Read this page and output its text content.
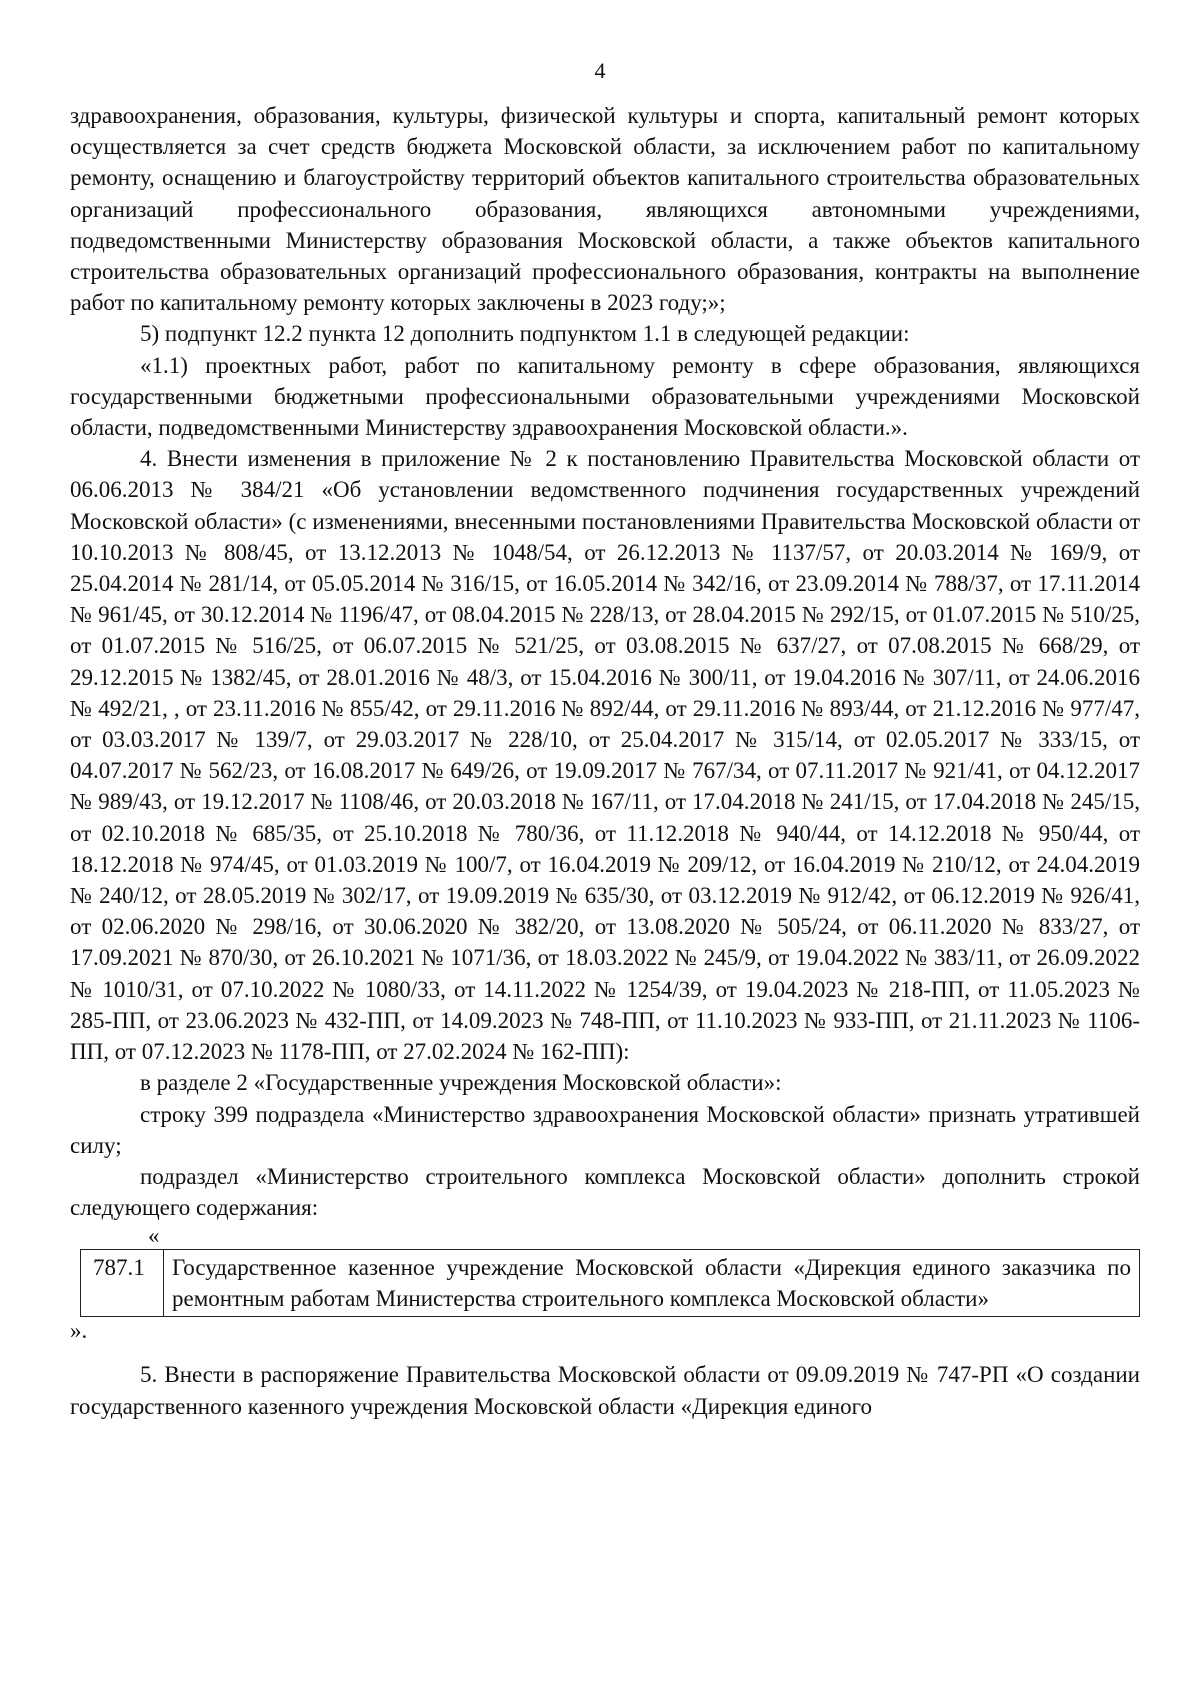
4

здравоохранения, образования, культуры, физической культуры и спорта, капитальный ремонт которых осуществляется за счет средств бюджета Московской области, за исключением работ по капитальному ремонту, оснащению и благоустройству территорий объектов капитального строительства образовательных организаций профессионального образования, являющихся автономными учреждениями, подведомственными Министерству образования Московской области, а также объектов капитального строительства образовательных организаций профессионального образования, контракты на выполнение работ по капитальному ремонту которых заключены в 2023 году;»;

5) подпункт 12.2 пункта 12 дополнить подпунктом 1.1 в следующей редакции:

«1.1) проектных работ, работ по капитальному ремонту в сфере образования, являющихся государственными бюджетными профессиональными образовательными учреждениями Московской области, подведомственными Министерству здравоохранения Московской области.».

4. Внести изменения в приложение № 2 к постановлению Правительства Московской области от 06.06.2013 № 384/21 «Об установлении ведомственного подчинения государственных учреждений Московской области» (с изменениями, внесенными постановлениями Правительства Московской области от 10.10.2013 № 808/45, от 13.12.2013 № 1048/54, от 26.12.2013 № 1137/57, от 20.03.2014 № 169/9, от 25.04.2014 № 281/14, от 05.05.2014 № 316/15, от 16.05.2014 № 342/16, от 23.09.2014 № 788/37, от 17.11.2014 № 961/45, от 30.12.2014 № 1196/47, от 08.04.2015 № 228/13, от 28.04.2015 № 292/15, от 01.07.2015 № 510/25, от 01.07.2015 № 516/25, от 06.07.2015 № 521/25, от 03.08.2015 № 637/27, от 07.08.2015 № 668/29, от 29.12.2015 № 1382/45, от 28.01.2016 № 48/3, от 15.04.2016 № 300/11, от 19.04.2016 № 307/11, от 24.06.2016 № 492/21, , от 23.11.2016 № 855/42, от 29.11.2016 № 892/44, от 29.11.2016 № 893/44, от 21.12.2016 № 977/47, от 03.03.2017 № 139/7, от 29.03.2017 № 228/10, от 25.04.2017 № 315/14, от 02.05.2017 № 333/15, от 04.07.2017 № 562/23, от 16.08.2017 № 649/26, от 19.09.2017 № 767/34, от 07.11.2017 № 921/41, от 04.12.2017 № 989/43, от 19.12.2017 № 1108/46, от 20.03.2018 № 167/11, от 17.04.2018 № 241/15, от 17.04.2018 № 245/15, от 02.10.2018 № 685/35, от 25.10.2018 № 780/36, от 11.12.2018 № 940/44, от 14.12.2018 № 950/44, от 18.12.2018 № 974/45, от 01.03.2019 № 100/7, от 16.04.2019 № 209/12, от 16.04.2019 № 210/12, от 24.04.2019 № 240/12, от 28.05.2019 № 302/17, от 19.09.2019 № 635/30, от 03.12.2019 № 912/42, от 06.12.2019 № 926/41, от 02.06.2020 № 298/16, от 30.06.2020 № 382/20, от 13.08.2020 № 505/24, от 06.11.2020 № 833/27, от 17.09.2021 № 870/30, от 26.10.2021 № 1071/36, от 18.03.2022 № 245/9, от 19.04.2022 № 383/11, от 26.09.2022 № 1010/31, от 07.10.2022 № 1080/33, от 14.11.2022 № 1254/39, от 19.04.2023 № 218-ПП, от 11.05.2023 № 285-ПП, от 23.06.2023 № 432-ПП, от 14.09.2023 № 748-ПП, от 11.10.2023 № 933-ПП, от 21.11.2023 № 1106-ПП, от 07.12.2023 № 1178-ПП, от 27.02.2024 № 162-ПП):

в разделе 2 «Государственные учреждения Московской области»:

строку 399 подраздела «Министерство здравоохранения Московской области» признать утратившей силу;

подраздел «Министерство строительного комплекса Московской области» дополнить строкой следующего содержания:

«
787.1	Государственное казенное учреждение Московской области «Дирекция единого заказчика по ремонтным работам Министерства строительного комплекса Московской области»

».

5. Внести в распоряжение Правительства Московской области от 09.09.2019 № 747-РП «О создании государственного казенного учреждения Московской области «Дирекция единого
